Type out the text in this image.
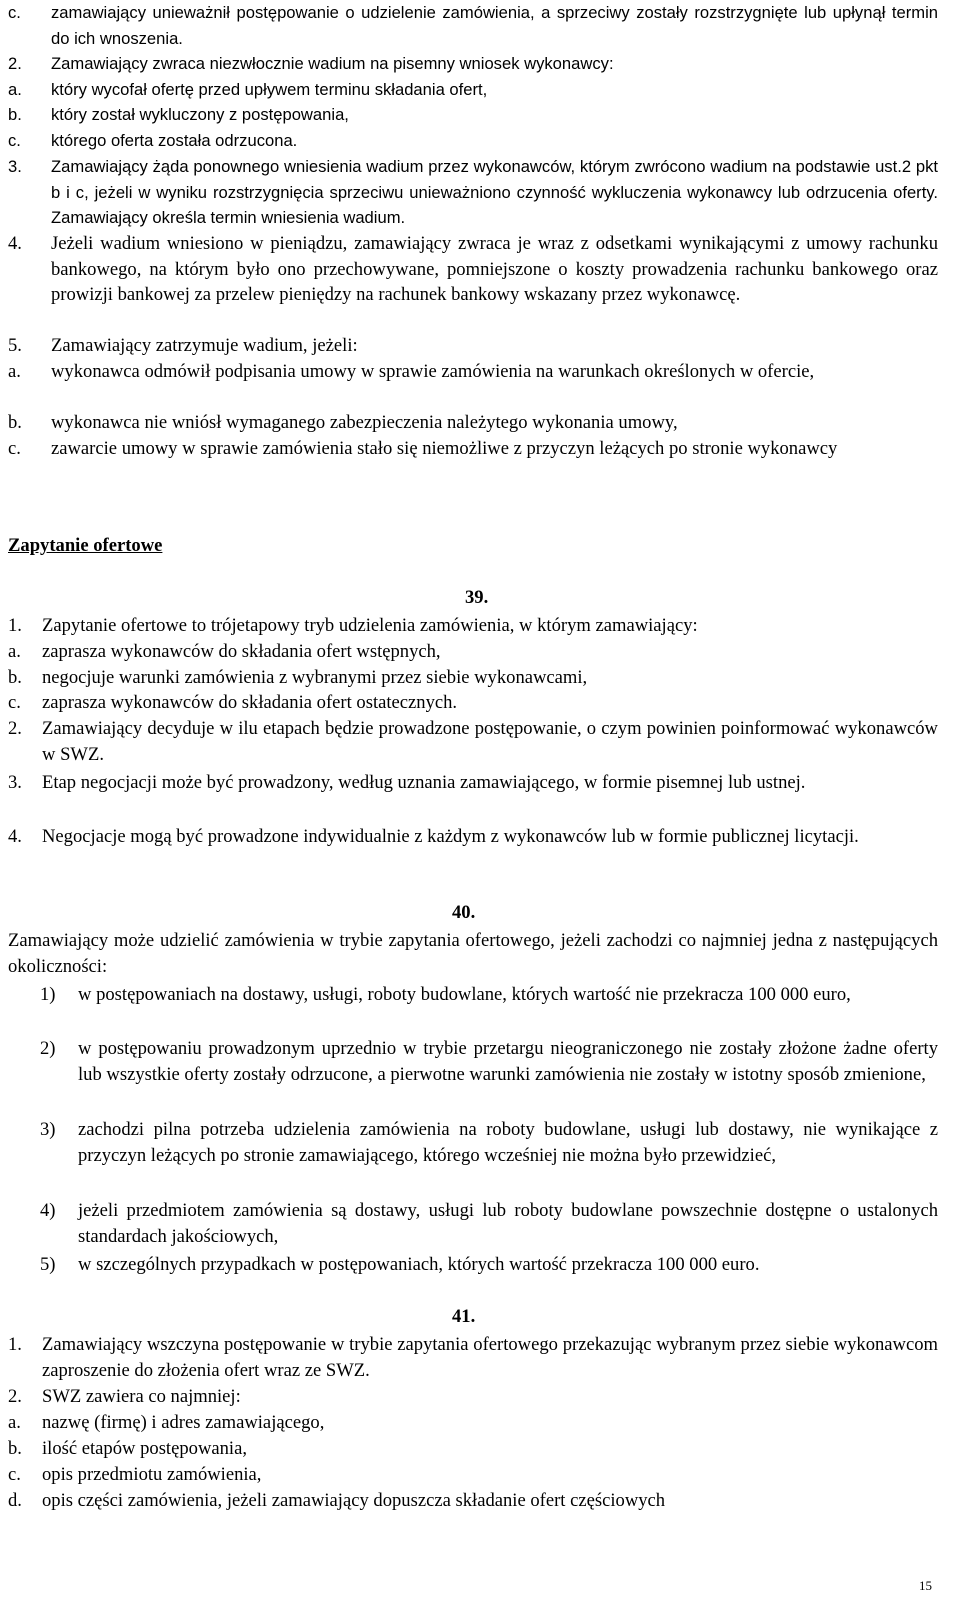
c.	zamawiający unieważnił postępowanie o udzielenie zamówienia, a sprzeciwy zostały rozstrzygnięte lub upłynął termin do ich wnoszenia.
2.	Zamawiający zwraca niezwłocznie wadium na pisemny wniosek wykonawcy:
a.	który wycofał ofertę przed upływem terminu składania ofert,
b.	który został wykluczony z postępowania,
c.	którego oferta została odrzucona.
3.	Zamawiający żąda ponownego wniesienia wadium przez wykonawców, którym zwrócono wadium na podstawie ust.2 pkt b i c, jeżeli w wyniku rozstrzygnięcia sprzeciwu unieważniono czynność wykluczenia wykonawcy lub odrzucenia oferty. Zamawiający określa termin wniesienia wadium.
4.	Jeżeli wadium wniesiono w pieniądzu, zamawiający zwraca je wraz z odsetkami wynikającymi z umowy rachunku bankowego, na którym było ono przechowywane, pomniejszone o koszty prowadzenia rachunku bankowego oraz prowizji bankowej za przelew pieniędzy na rachunek bankowy wskazany przez wykonawcę.
5.	Zamawiający zatrzymuje wadium, jeżeli:
a.	wykonawca odmówił podpisania umowy w sprawie zamówienia na warunkach określonych w ofercie,
b.	wykonawca nie wniósł wymaganego zabezpieczenia należytego wykonania umowy,
c.	zawarcie umowy w sprawie zamówienia stało się niemożliwe z przyczyn leżących po stronie wykonawcy
Zapytanie ofertowe
39.
1.	Zapytanie ofertowe to trójetapowy tryb udzielenia zamówienia, w którym zamawiający:
a.	zaprasza wykonawców do składania ofert wstępnych,
b.	negocjuje warunki zamówienia z wybranymi przez siebie wykonawcami,
c.	zaprasza wykonawców do składania ofert ostatecznych.
2.	Zamawiający decyduje w ilu etapach będzie prowadzone postępowanie, o czym powinien poinformować wykonawców w SWZ.
3.	Etap negocjacji może być prowadzony, według uznania zamawiającego, w formie pisemnej lub ustnej.
4.	Negocjacje mogą być prowadzone indywidualnie z każdym z wykonawców lub w formie publicznej licytacji.
40.
Zamawiający może udzielić zamówienia w trybie zapytania ofertowego, jeżeli zachodzi co najmniej jedna z następujących okoliczności:
1)	w postępowaniach na dostawy, usługi, roboty budowlane, których wartość nie przekracza 100 000 euro,
2)	w postępowaniu prowadzonym uprzednio w trybie przetargu nieograniczonego nie zostały złożone żadne oferty lub wszystkie oferty zostały odrzucone, a pierwotne warunki zamówienia nie zostały w istotny sposób zmienione,
3)	zachodzi pilna potrzeba udzielenia zamówienia na roboty budowlane, usługi lub dostawy, nie wynikające z przyczyn leżących po stronie zamawiającego, którego wcześniej nie można było przewidzieć,
4)	jeżeli przedmiotem zamówienia są dostawy, usługi lub roboty budowlane powszechnie dostępne o ustalonych standardach jakościowych,
5)	w szczególnych przypadkach w postępowaniach, których wartość przekracza 100 000 euro.
41.
1.	Zamawiający wszczyna postępowanie w trybie zapytania ofertowego przekazując wybranym przez siebie wykonawcom zaproszenie do złożenia ofert wraz ze SWZ.
2.	SWZ zawiera co najmniej:
a.	nazwę (firmę) i adres zamawiającego,
b.	ilość etapów postępowania,
c.	opis przedmiotu zamówienia,
d.	opis części zamówienia, jeżeli zamawiający dopuszcza składanie ofert częściowych
15
